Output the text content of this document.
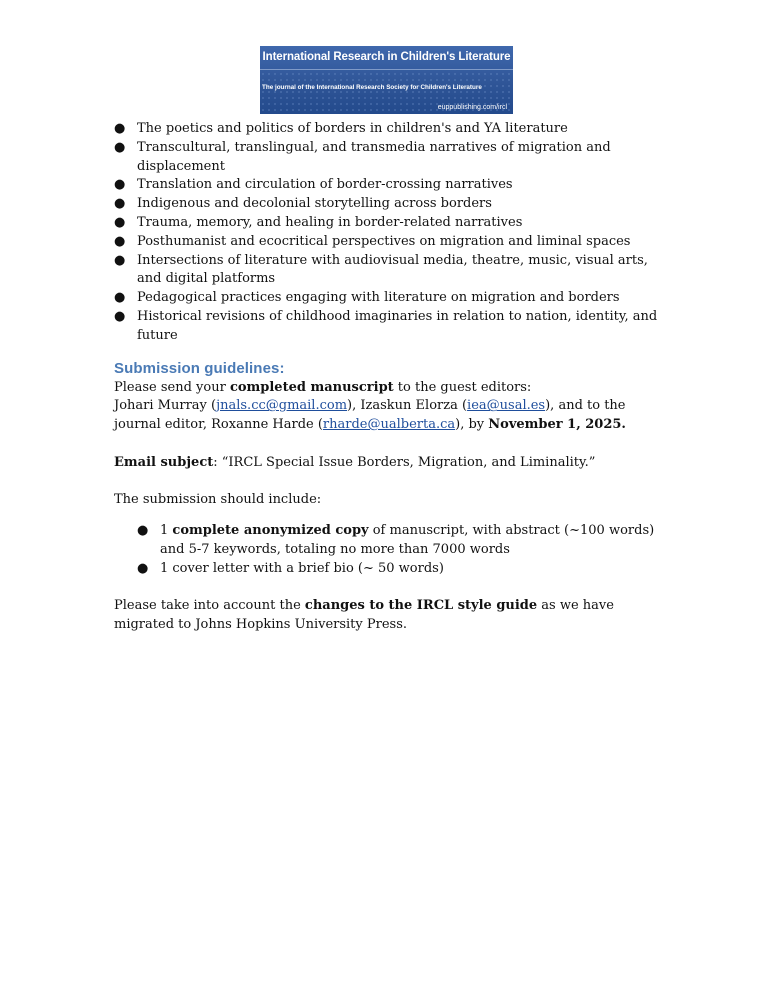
International Research in Children's Literature
The journal of the International Research Society for Children's Literature
euppublishing.com/ircl
● The poetics and politics of borders in children's and YA literature
● Transcultural, translingual, and transmedia narratives of migration and displacement
● Translation and circulation of border-crossing narratives
● Indigenous and decolonial storytelling across borders
● Trauma, memory, and healing in border-related narratives
● Posthumanist and ecocritical perspectives on migration and liminal spaces
● Intersections of literature with audiovisual media, theatre, music, visual arts, and digital platforms
● Pedagogical practices engaging with literature on migration and borders
● Historical revisions of childhood imaginaries in relation to nation, identity, and future
Submission guidelines:

Please send your completed manuscript to the guest editors:
Johari Murray (jnals.cc@gmail.com), Izaskun Elorza (iea@usal.es), and to the journal editor, Roxanne Harde (rharde@ualberta.ca), by November 1, 2025.

Email subject: “IRCL Special Issue Borders, Migration, and Liminality.”

The submission should include:

● 1 complete anonymized copy of manuscript, with abstract (~100 words) and 5-7 keywords, totaling no more than 7000 words
● 1 cover letter with a brief bio (~ 50 words)

Please take into account the changes to the IRCL style guide as we have migrated to Johns Hopkins University Press.
